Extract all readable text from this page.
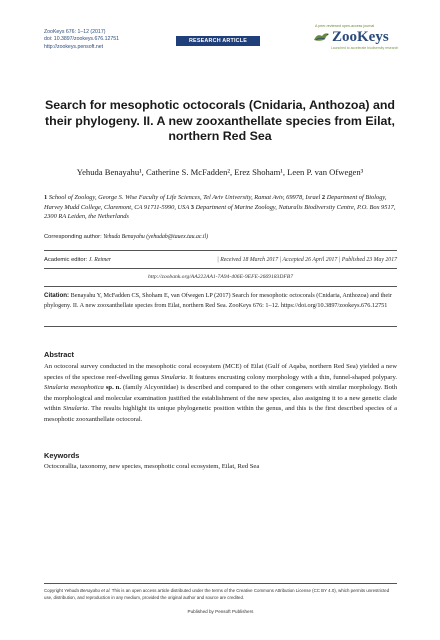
ZooKeys 676: 1–12 (2017)
doi: 10.3897/zookeys.676.12751
http://zookeys.pensoft.net
RESEARCH ARTICLE
A peer-reviewed open-access journal
ZooKeys
Launched to accelerate biodiversity research
Search for mesophotic octocorals (Cnidaria, Anthozoa) and their phylogeny. II. A new zooxanthellate species from Eilat, northern Red Sea
Yehuda Benayahu¹, Catherine S. McFadden², Erez Shoham¹, Leen P. van Ofwegen³
1 School of Zoology, George S. Wise Faculty of Life Sciences, Tel Aviv University, Ramat Aviv, 69978, Israel 2 Department of Biology, Harvey Mudd College, Claremont, CA 91711-5990, USA 3 Department of Marine Zoology, Naturalis Biodiversity Centre, P.O. Box 9517, 2300 RA Leiden, the Netherlands
Corresponding author: Yehuda Benayahu (yehudab@tauex.tau.ac.il)
Academic editor: J. Reimer	| Received 18 March 2017 | Accepted 26 April 2017 | Published 23 May 2017
http://zoobank.org/AA222AA1-7A94-406E-9EFE-2669183DFB7
Citation: Benayahu Y, McFadden CS, Shoham E, van Ofwegen LP (2017) Search for mesophotic octocorals (Cnidaria, Anthozoa) and their phylogeny. II. A new zooxanthellate species from Eilat, northern Red Sea. ZooKeys 676: 1–12. https://doi.org/10.3897/zookeys.676.12751
Abstract
An octocoral survey conducted in the mesophotic coral ecosystem (MCE) of Eilat (Gulf of Aqaba, northern Red Sea) yielded a new species of the speciose reef-dwelling genus Sinularia. It features encrusting colony morphology with a thin, funnel-shaped polypary. Sinularia mesophotica sp. n. (family Alcyoniidae) is described and compared to the other congeners with similar morphology. Both the morphological and molecular examination justified the establishment of the new species, also assigning it to a new genetic clade within Sinularia. The results highlight its unique phylogenetic position within the genus, and this is the first described species of a mesophotic zooxanthellate octocoral.
Keywords
Octocorallia, taxonomy, new species, mesophotic coral ecosystem, Eilat, Red Sea
Copyright Yehuda Benayahu et al. This is an open access article distributed under the terms of the Creative Commons Attribution License (CC BY 4.0), which permits unrestricted use, distribution, and reproduction in any medium, provided the original author and source are credited.
Published by Pensoft Publishers
